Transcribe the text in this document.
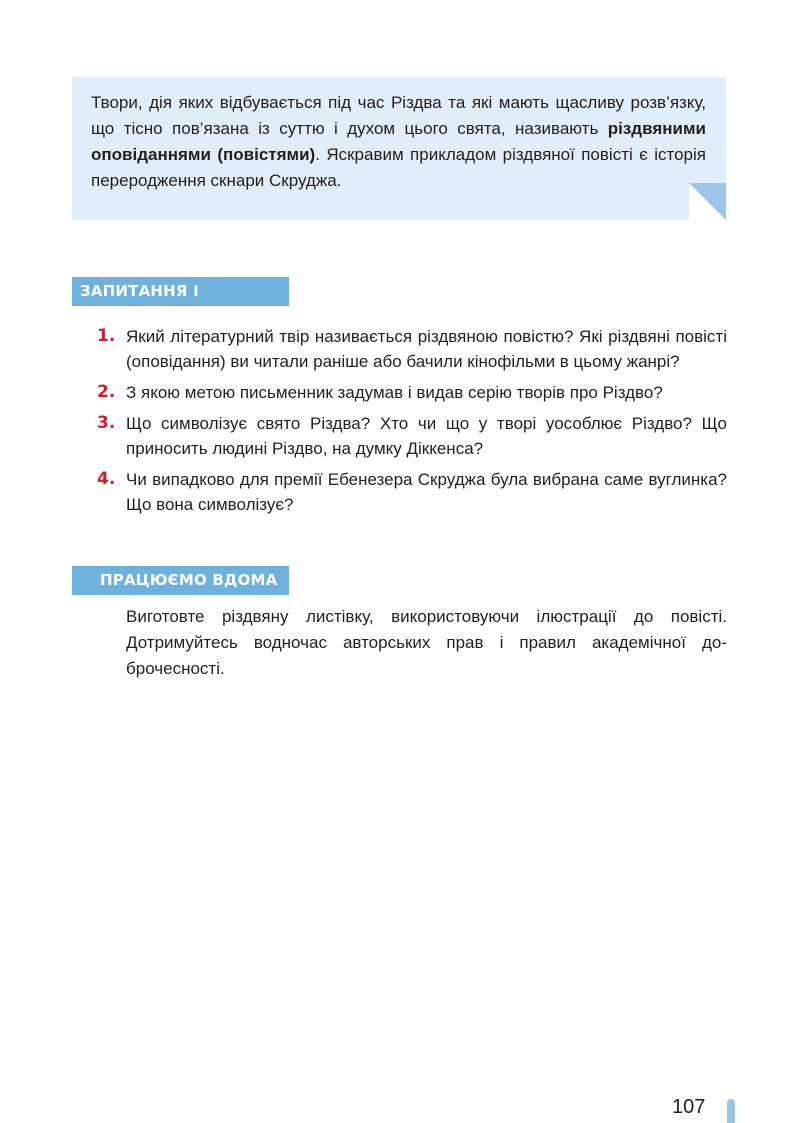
Твори, дія яких відбувається під час Різдва та які мають щасливу розв’язку, що тісно пов’язана із суттю і духом цього свята, називають різдвяними оповіданнями (повістями). Яскравим прикладом різдвяної повісті є історія переродження скнари Скруджа.

ЗАПИТАННЯ І ЗАВДАННЯ
1. Який літературний твір називається різдвяною повістю? Які різдвяні повісті (оповідання) ви читали раніше або бачили кінофільми в цьому жанрі?
2. З якою метою письменник задумав і видав серію творів про Різдво?
3. Що символізує свято Різдва? Хто чи що у творі уособлює Різдво? Що приносить людині Різдво, на думку Діккенса?
4. Чи випадково для премії Ебенезера Скруджа була вибрана саме вуглинка? Що вона символізує?
ПРАЦЮЄМО ВДОМА

Виготовте різдвяну листівку, використовуючи ілюстрації до повісті. Дотримуйтесь водночас авторських прав і правил академічної доброчесності.

107
